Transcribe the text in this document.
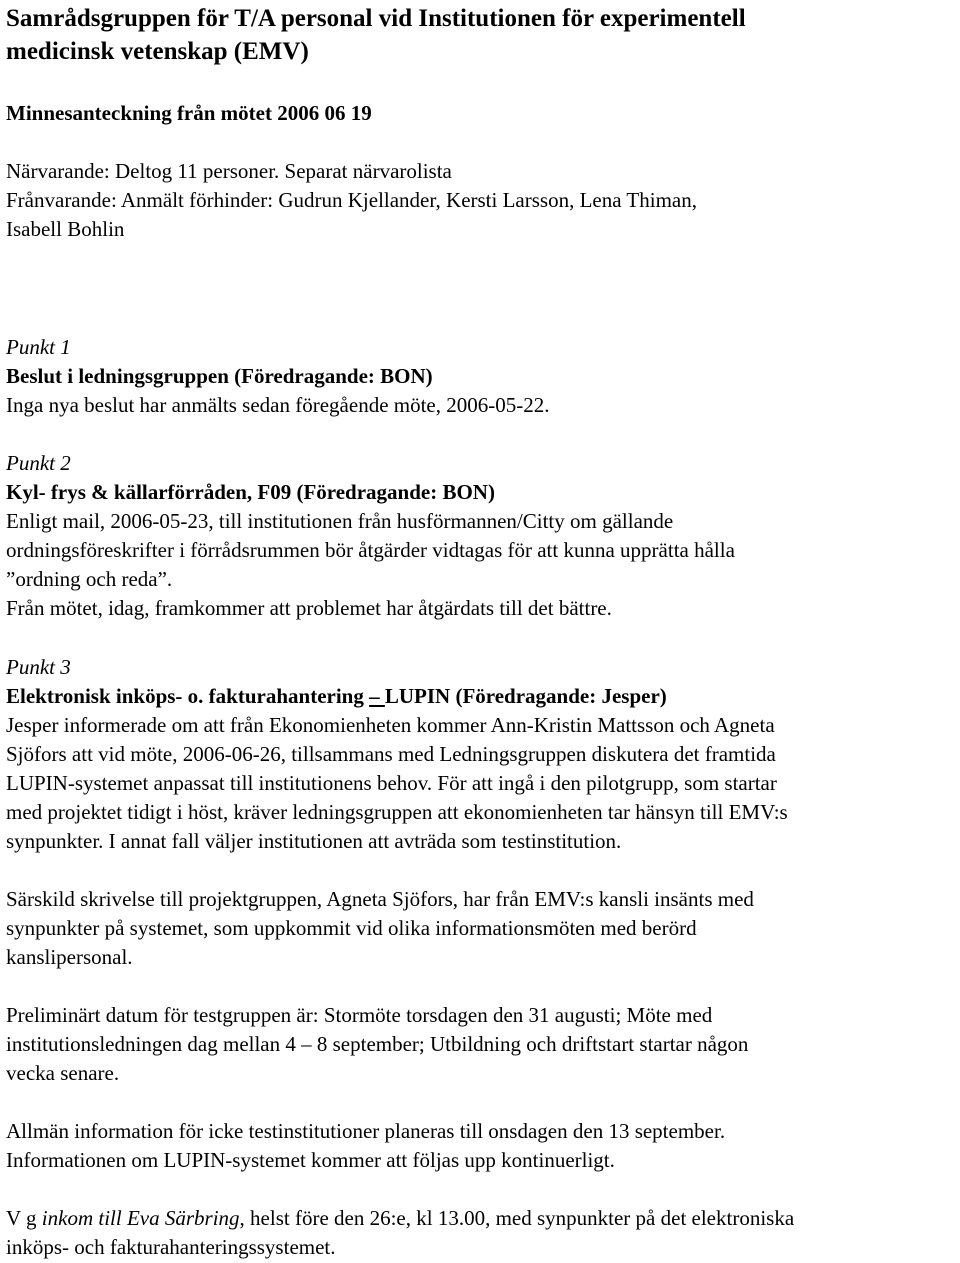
Samrådsgruppen för T/A personal vid Institutionen för experimentell
medicinsk vetenskap (EMV)
Minnesanteckning från mötet 2006 06 19
Närvarande: Deltog 11 personer. Separat närvarolista
Frånvarande: Anmält förhinder: Gudrun Kjellander, Kersti Larsson, Lena Thiman,
Isabell Bohlin
Punkt 1
Beslut i ledningsgruppen (Föredragande: BON)
Inga nya beslut har anmälts sedan föregående möte, 2006-05-22.
Punkt 2
Kyl- frys & källarförråden, F09 (Föredragande: BON)
Enligt mail, 2006-05-23, till institutionen från husförmannen/Citty om gällande
ordningsföreskrifter i förrådsrummen bör åtgärder vidtagas för att kunna upprätta hålla
”ordning och reda”.
Från mötet, idag, framkommer att problemet har åtgärdats till det bättre.
Punkt 3
Elektronisk inköps- o. fakturahantering – LUPIN (Föredragande: Jesper)
Jesper informerade om att från Ekonomienheten kommer Ann-Kristin Mattsson och Agneta
Sjöfors att vid möte, 2006-06-26, tillsammans med Ledningsgruppen diskutera det framtida
LUPIN-systemet anpassat till institutionens behov. För att ingå i den pilotgrupp, som startar
med projektet tidigt i höst, kräver ledningsgruppen att ekonomienheten tar hänsyn till EMV:s
synpunkter. I annat fall väljer institutionen att avträda som testinstitution.
Särskild skrivelse till projektgruppen, Agneta Sjöfors, har från EMV:s kansli insänts med
synpunkter på systemet, som uppkommit vid olika informationsmöten med berörd
kanslipersonal.
Preliminärt datum för testgruppen är: Stormöte torsdagen den 31 augusti; Möte med
institutionsledningen dag mellan 4 – 8 september; Utbildning och driftstart startar någon
vecka senare.
Allmän information för icke testinstitutioner planeras till onsdagen den 13 september.
Informationen om LUPIN-systemet kommer att följas upp kontinuerligt.
V g inkom till Eva Särbring, helst före den 26:e, kl 13.00, med synpunkter på det elektroniska
inköps- och fakturahanteringssystemet.
